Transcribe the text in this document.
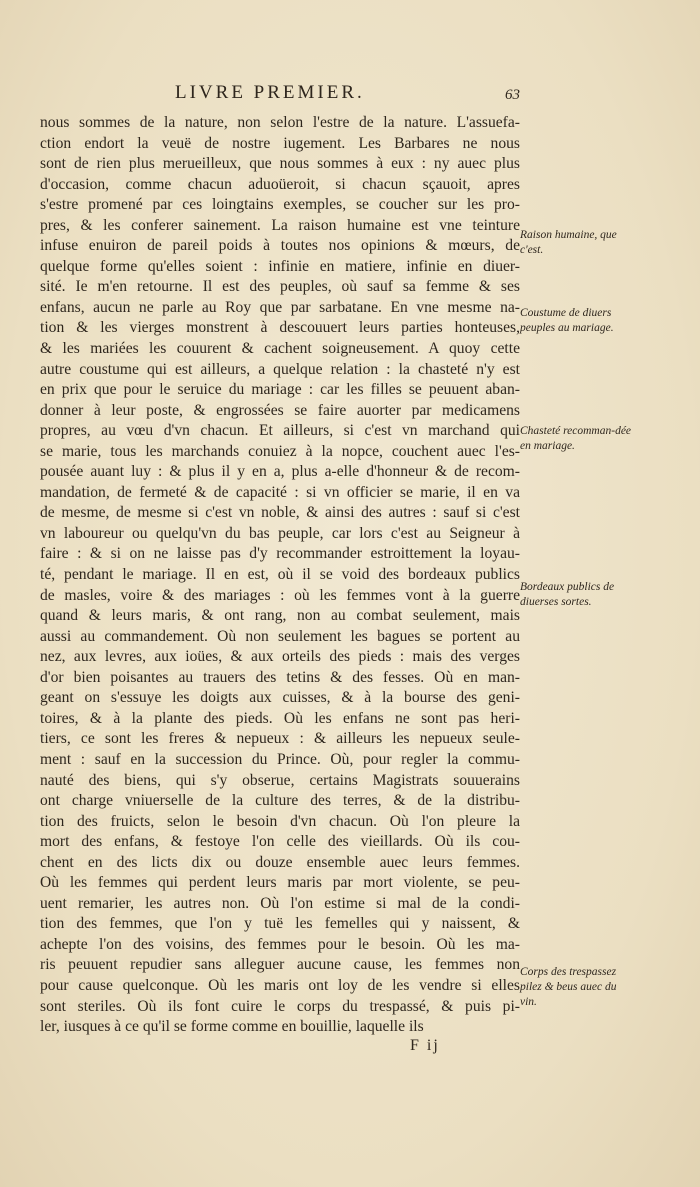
LIVRE PREMIER.	63
nous sommes de la nature, non selon l'estre de la nature. L'assuefa-
ction endort la veuë de nostre iugement. Les Barbares ne nous
sont de rien plus merueilleux, que nous sommes à eux : ny auec plus
d'occasion, comme chacun aduoüeroit, si chacun sçauoit, apres
s'estre promené par ces loingtains exemples, se coucher sur les pro-
pres, & les conferer sainement. La raison humaine est vne teinture
infuse enuiron de pareil poids à toutes nos opinions & mœurs, de
quelque forme qu'elles soient : infinie en matiere, infinie en diuer-
sité. Ie m'en retourne. Il est des peuples, où sauf sa femme & ses
enfans, aucun ne parle au Roy que par sarbatane. En vne mesme na-
tion & les vierges monstrent à descouuert leurs parties honteuses,
& les mariées les couurent & cachent soigneusement. A quoy cette
autre coustume qui est ailleurs, a quelque relation : la chasteté n'y est
en prix que pour le seruice du mariage : car les filles se peuuent aban-
donner à leur poste, & engrossées se faire auorter par medicamens
propres, au vœu d'vn chacun. Et ailleurs, si c'est vn marchand qui
se marie, tous les marchands conuiez à la nopce, couchent auec l'es-
pousée auant luy : & plus il y en a, plus a-elle d'honneur & de recom-
mandation, de fermeté & de capacité : si vn officier se marie, il en va
de mesme, de mesme si c'est vn noble, & ainsi des autres : sauf si c'est
vn laboureur ou quelqu'vn du bas peuple, car lors c'est au Seigneur à
faire : & si on ne laisse pas d'y recommander estroittement la loyau-
té, pendant le mariage. Il en est, où il se void des bordeaux publics
de masles, voire & des mariages : où les femmes vont à la guerre
quand & leurs maris, & ont rang, non au combat seulement, mais
aussi au commandement. Où non seulement les bagues se portent au
nez, aux levres, aux ioües, & aux orteils des pieds : mais des verges
d'or bien poisantes au trauers des tetins & des fesses. Où en man-
geant on s'essuye les doigts aux cuisses, & à la bourse des geni-
toires, & à la plante des pieds. Où les enfans ne sont pas heri-
tiers, ce sont les freres & nepueux : & ailleurs les nepueux seule-
ment : sauf en la succession du Prince. Où, pour regler la commu-
nauté des biens, qui s'y obserue, certains Magistrats souuerains
ont charge vniuerselle de la culture des terres, & de la distribu-
tion des fruicts, selon le besoin d'vn chacun. Où l'on pleure la
mort des enfans, & festoye l'on celle des vieillards. Où ils cou-
chent en des licts dix ou douze ensemble auec leurs femmes.
Où les femmes qui perdent leurs maris par mort violente, se peu-
uent remarier, les autres non. Où l'on estime si mal de la condi-
tion des femmes, que l'on y tuë les femelles qui y naissent, &
achepte l'on des voisins, des femmes pour le besoin. Où les ma-
ris peuuent repudier sans alleguer aucune cause, les femmes non
pour cause quelconque. Où les maris ont loy de les vendre si elles
sont steriles. Où ils font cuire le corps du trespassé, & puis pi-
ler, iusques à ce qu'il se forme comme en bouillie, laquelle ils
Raison humaine, que c'est.
Coustume de diuers peuples au mariage.
Chasteté recomman-dée en mariage.
Bordeaux publics de diuerses sortes.
Corps des trespassez pilez & beus auec du vin.
F ij
